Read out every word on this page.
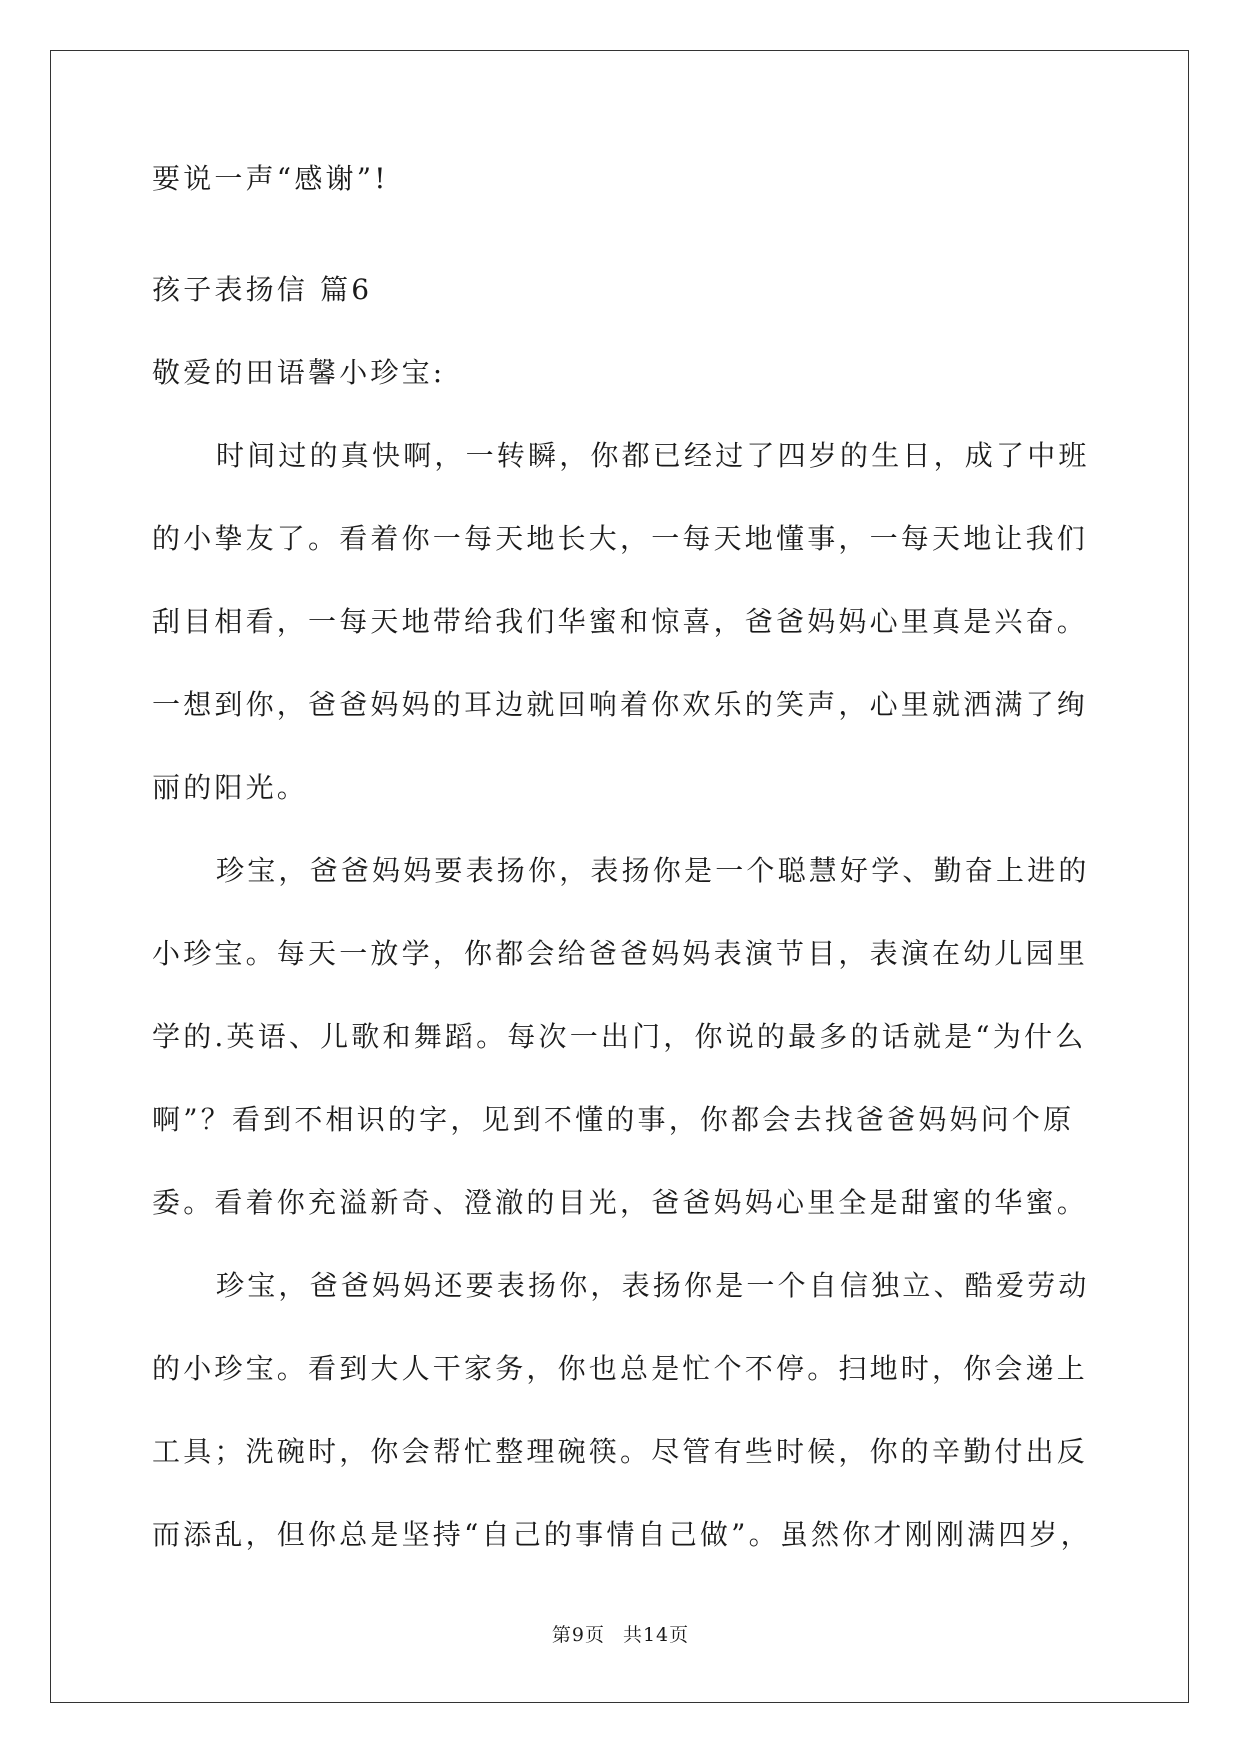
要说一声“感谢”!
孩子表扬信 篇6
敬爱的田语馨小珍宝:
时间过的真快啊，一转瞬，你都已经过了四岁的生日，成了中班
的小挚友了。看着你一每天地长大，一每天地懂事，一每天地让我们
刮目相看，一每天地带给我们华蜜和惊喜，爸爸妈妈心里真是兴奋。
一想到你，爸爸妈妈的耳边就回响着你欢乐的笑声，心里就洒满了绚
丽的阳光。
珍宝，爸爸妈妈要表扬你，表扬你是一个聪慧好学、勤奋上进的
小珍宝。每天一放学，你都会给爸爸妈妈表演节目，表演在幼儿园里
学的.英语、儿歌和舞蹈。每次一出门，你说的最多的话就是“为什么
啊”？看到不相识的字，见到不懂的事，你都会去找爸爸妈妈问个原
委。看着你充溢新奇、澄澈的目光，爸爸妈妈心里全是甜蜜的华蜜。
珍宝，爸爸妈妈还要表扬你，表扬你是一个自信独立、酷爱劳动
的小珍宝。看到大人干家务，你也总是忙个不停。扫地时，你会递上
工具；洗碗时，你会帮忙整理碗筷。尽管有些时候，你的辛勤付出反
而添乱，但你总是坚持“自己的事情自己做”。虽然你才刚刚满四岁，
第9页 共14页
